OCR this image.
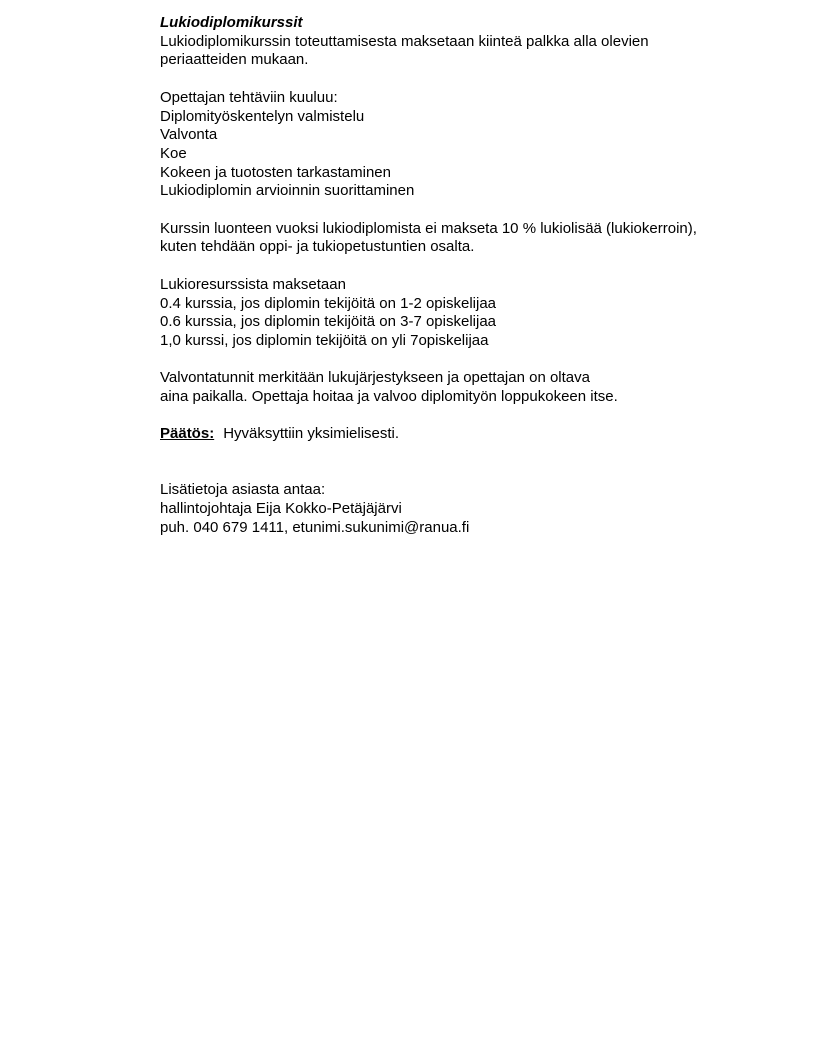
Lukiodiplomikurssit
Lukiodiplomikurssin toteuttamisesta maksetaan kiinteä palkka alla olevien
periaatteiden mukaan.
Opettajan tehtäviin kuuluu:
Diplomityöskentelyn valmistelu
Valvonta
Koe
Kokeen ja tuotosten tarkastaminen
Lukiodiplomin arvioinnin suorittaminen
Kurssin luonteen vuoksi lukiodiplomista ei makseta 10 % lukiolisää (lukiokerroin),
kuten tehdään oppi- ja tukiopetustuntien osalta.
Lukioresurssista maksetaan
0.4 kurssia, jos diplomin tekijöitä on 1-2 opiskelijaa
0.6 kurssia, jos diplomin tekijöitä on 3-7 opiskelijaa
1,0 kurssi, jos diplomin tekijöitä on yli 7opiskelijaa
Valvontatunnit merkitään lukujärjestykseen ja opettajan on oltava
aina paikalla. Opettaja hoitaa ja valvoo diplomityön loppukokeen itse.
Päätös: Hyväksyttiin yksimielisesti.
Lisätietoja asiasta antaa:
hallintojohtaja Eija Kokko-Petäjäjärvi
puh. 040 679 1411, etunimi.sukunimi@ranua.fi
